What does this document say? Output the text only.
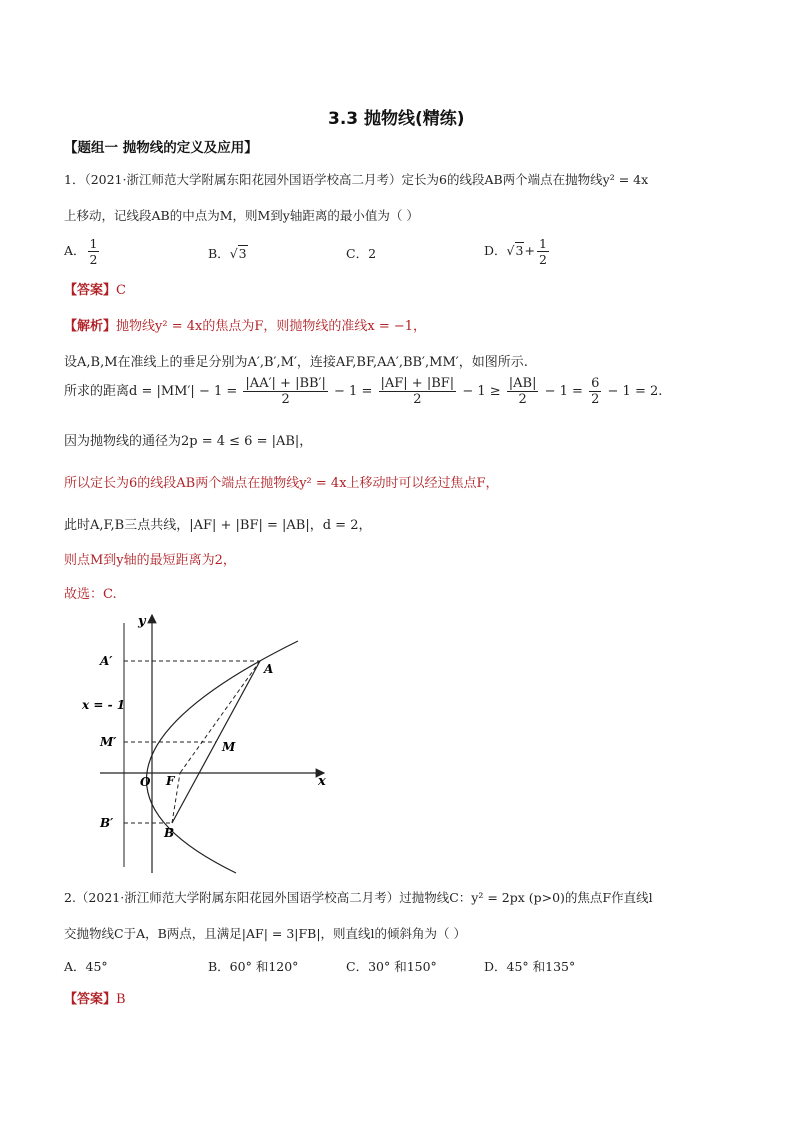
3.3 抛物线(精练)
【题组一 抛物线的定义及应用】
1．（2021·浙江师范大学附属东阳花园外国语学校高二月考）定长为6的线段AB两个端点在抛物线y² = 4x
上移动，记线段AB的中点为M，则M到y轴距离的最小值为（ ）
A． $\frac{1}{2}$	B．√3	C．2	D．$√3+ \frac{1}{2}$
【答案】C
【解析】抛物线y² = 4x的焦点为F，则抛物线的准线x = −1，
设A,B,M在准线上的垂足分别为A′,B′,M′，连接AF,BF,AA′,BB′,MM′，如图所示.
所求的距离$d = |MM'| - 1 = \frac{|AA'| + |BB'|}{2} - 1 = \frac{|AF| + |BF|}{2} - 1 \ge \frac{|AB|}{2} - 1 = \frac{6}{2} - 1 = 2$.
因为抛物线的通径为2p = 4 ≤ 6 = |AB|，
所以定长为6的线段AB两个端点在抛物线y² = 4x上移动时可以经过焦点F，
此时A,F,B三点共线，|AF| + |BF| = |AB|，d = 2，
则点M到y轴的最短距离为2，
故选：C.
y
x
A′
x = - 1
M′
O F
B′
A
M
B
2.（2021·浙江师范大学附属东阳花园外国语学校高二月考）过抛物线C：y² = 2px (p>0)的焦点F作直线l
交抛物线C于A，B两点，且满足|AF| = 3|FB|，则直线l的倾斜角为（ ）
A．45°	B．60° 和120°	C．30° 和150°	D．45° 和135°
【答案】B
